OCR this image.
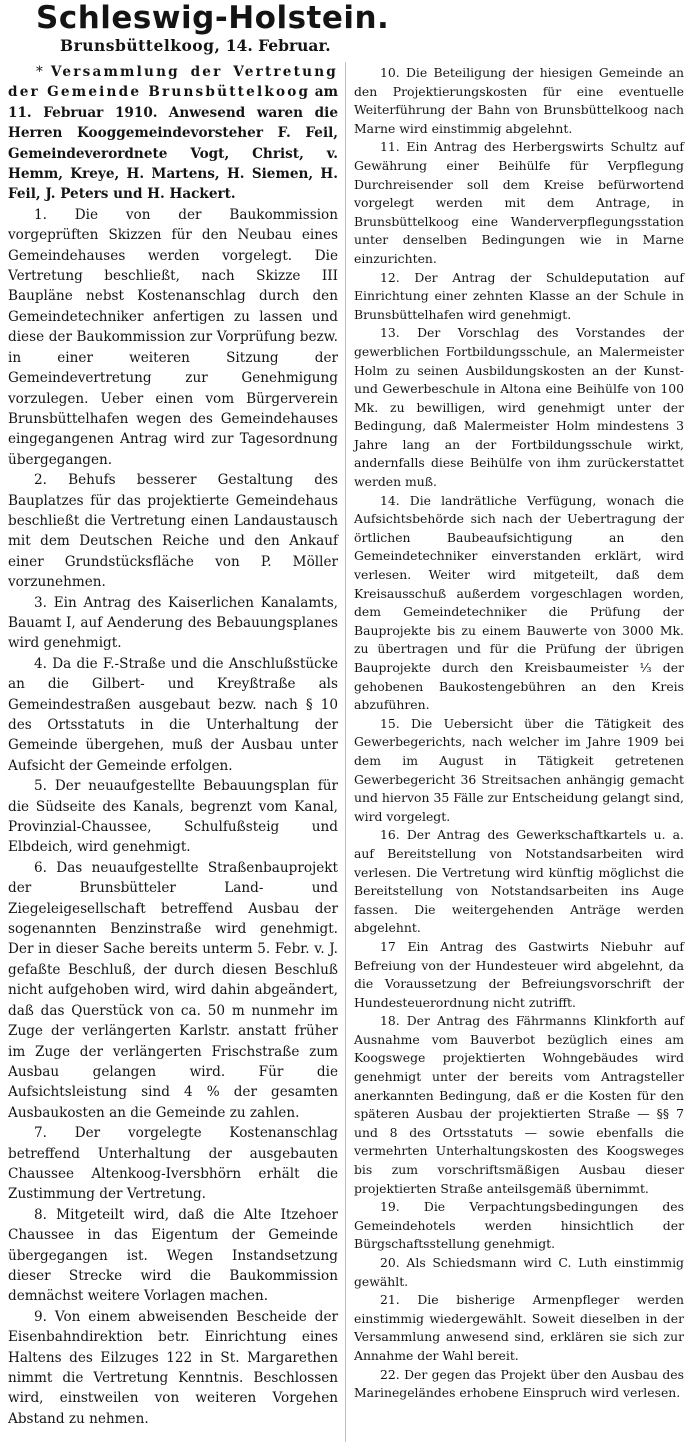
Schleswig-Holstein.

Brunsbüttelkoog, 14. Februar.

* Versammlung der Vertretung der Gemeinde Brunsbüttelkoog am 11. Februar 1910. Anwesend waren die Herren Kooggemeindevorsteher F. Feil, Gemeindeverordnete Vogt, Christ, v. Hemm, Kreye, H. Martens, H. Siemen, H. Feil, J. Peters und H. Hackert.

1. Die von der Baukommission vorgeprüften Skizzen für den Neubau eines Gemeindehauses werden vorgelegt. Die Vertretung beschließt, nach Skizze III Baupläne nebst Kostenanschlag durch den Gemeindetechniker anfertigen zu lassen und diese der Baukommission zur Vorprüfung bezw. in einer weiteren Sitzung der Gemeindevertretung zur Genehmigung vorzulegen. Ueber einen vom Bürgerverein Brunsbüttelhafen wegen des Gemeindehauses eingegangenen Antrag wird zur Tagesordnung übergegangen.

2. Behufs besserer Gestaltung des Bauplatzes für das projektierte Gemeindehaus beschließt die Vertretung einen Landaustausch mit dem Deutschen Reiche und den Ankauf einer Grundstücksfläche von P. Möller vorzunehmen.

3. Ein Antrag des Kaiserlichen Kanalamts, Bauamt I, auf Aenderung des Bebauungsplanes wird genehmigt.

4. Da die F.-Straße und die Anschlußstücke an die Gilbert- und Kreyßtraße als Gemeindestraßen ausgebaut bezw. nach § 10 des Ortsstatuts in die Unterhaltung der Gemeinde übergehen, muß der Ausbau unter Aufsicht der Gemeinde erfolgen.

5. Der neuaufgestellte Bebauungsplan für die Südseite des Kanals, begrenzt vom Kanal, Provinzial-Chaussee, Schulfußsteig und Elbdeich, wird genehmigt.

6. Das neuaufgestellte Straßenbauprojekt der Brunsbütteler Land- und Ziegeleigesellschaft betreffend Ausbau der sogenannten Benzinstraße wird genehmigt. Der in dieser Sache bereits unterm 5. Febr. v. J. gefaßte Beschluß, der durch diesen Beschluß nicht aufgehoben wird, wird dahin abgeändert, daß das Querstück von ca. 50 m nunmehr im Zuge der verlängerten Karlstr. anstatt früher im Zuge der verlängerten Frischstraße zum Ausbau gelangen wird. Für die Aufsichtsleistung sind 4 % der gesamten Ausbaukosten an die Gemeinde zu zahlen.

7. Der vorgelegte Kostenanschlag betreffend Unterhaltung der ausgebauten Chaussee Altenkoog-Iversbhörn erhält die Zustimmung der Vertretung.

8. Mitgeteilt wird, daß die Alte Itzehoer Chaussee in das Eigentum der Gemeinde übergegangen ist. Wegen Instandsetzung dieser Strecke wird die Baukommission demnächst weitere Vorlagen machen.

9. Von einem abweisenden Bescheide der Eisenbahndirektion betr. Einrichtung eines Haltens des Eilzuges 122 in St. Margarethen nimmt die Vertretung Kenntnis. Beschlossen wird, einstweilen von weiteren Vorgehen Abstand zu nehmen.

10. Die Beteiligung der hiesigen Gemeinde an den Projektierungskosten für eine eventuelle Weiterführung der Bahn von Brunsbüttelkoog nach Marne wird einstimmig abgelehnt.

11. Ein Antrag des Herbergswirts Schultz auf Gewährung einer Beihülfe für Verpflegung Durchreisender soll dem Kreise befürwortend vorgelegt werden mit dem Antrage, in Brunsbüttelkoog eine Wanderverpflegungsstation unter denselben Bedingungen wie in Marne einzurichten.

12. Der Antrag der Schuldeputation auf Einrichtung einer zehnten Klasse an der Schule in Brunsbüttelhafen wird genehmigt.

13. Der Vorschlag des Vorstandes der gewerblichen Fortbildungsschule, an Malermeister Holm zu seinen Ausbildungskosten an der Kunst- und Gewerbeschule in Altona eine Beihülfe von 100 Mk. zu bewilligen, wird genehmigt unter der Bedingung, daß Malermeister Holm mindestens 3 Jahre lang an der Fortbildungsschule wirkt, andernfalls diese Beihülfe von ihm zurückerstattet werden muß.

14. Die landrätliche Verfügung, wonach die Aufsichtsbehörde sich nach der Uebertragung der örtlichen Baubeaufsichtigung an den Gemeindetechniker einverstanden erklärt, wird verlesen. Weiter wird mitgeteilt, daß dem Kreisausschuß außerdem vorgeschlagen worden, dem Gemeindetechniker die Prüfung der Bauprojekte bis zu einem Bauwerte von 3000 Mk. zu übertragen und für die Prüfung der übrigen Bauprojekte durch den Kreisbaumeister ⅓ der gehobenen Baukostengebühren an den Kreis abzuführen.

15. Die Uebersicht über die Tätigkeit des Gewerbegerichts, nach welcher im Jahre 1909 bei dem im August in Tätigkeit getretenen Gewerbegericht 36 Streitsachen anhängig gemacht und hiervon 35 Fälle zur Entscheidung gelangt sind, wird vorgelegt.

16. Der Antrag des Gewerkschaftkartels u. a. auf Bereitstellung von Notstandsarbeiten wird verlesen. Die Vertretung wird künftig möglichst die Bereitstellung von Notstandsarbeiten ins Auge fassen. Die weitergehenden Anträge werden abgelehnt.

17 Ein Antrag des Gastwirts Niebuhr auf Befreiung von der Hundesteuer wird abgelehnt, da die Voraussetzung der Befreiungsvorschrift der Hundesteuerordnung nicht zutrifft.

18. Der Antrag des Fährmanns Klinkforth auf Ausnahme vom Bauverbot bezüglich eines am Koogswege projektierten Wohngebäudes wird genehmigt unter der bereits vom Antragsteller anerkannten Bedingung, daß er die Kosten für den späteren Ausbau der projektierten Straße — §§ 7 und 8 des Ortsstatuts — sowie ebenfalls die vermehrten Unterhaltungskosten des Koogsweges bis zum vorschriftsmäßigen Ausbau dieser projektierten Straße anteilsgemäß übernimmt.

19. Die Verpachtungsbedingungen des Gemeindehotels werden hinsichtlich der Bürgschaftsstellung genehmigt.

20. Als Schiedsmann wird C. Luth einstimmig gewählt.

21. Die bisherige Armenpfleger werden einstimmig wiedergewählt. Soweit dieselben in der Versammlung anwesend sind, erklären sie sich zur Annahme der Wahl bereit.

22. Der gegen das Projekt über den Ausbau des Marinegeländes erhobene Einspruch wird verlesen.
